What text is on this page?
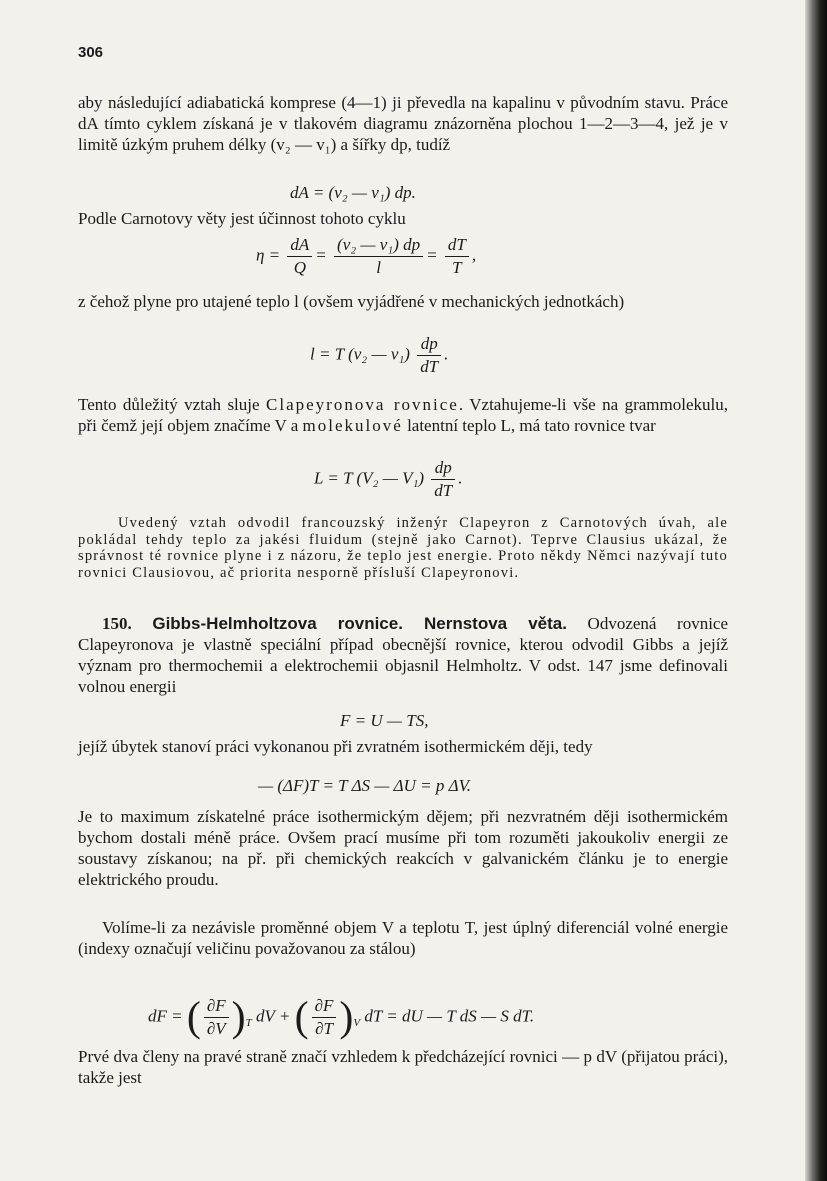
306

aby následující adiabatická komprese (4—1) ji převedla na kapalinu v původním stavu. Práce dA tímto cyklem získaná je v tlakovém diagramu znázorněna plochou 1—2—3—4, jež je v limitě úzkým pruhem délky (v₂ — v₁) a šířky dp, tudíž

dA = (v₂ — v₁) dp.

Podle Carnotovy věty jest účinnost tohoto cyklu

$\eta = \frac{dA}{Q} = \frac{\text{(v₂ — v₁) dp}}{l} = \frac{dT}{T}$ ,

z čehož plyne pro utajené teplo l (ovšem vyjádřené v mechanických jednotkách)

l = T (v₂ — $v_1) \frac{dp}{dT}$ .

Tento důležitý vztah sluje Clapeyronova rovnice. Vztahujeme-li vše na grammolekulu, při čemž její objem značíme V a molekulové latentní teplo L, má tato rovnice tvar

L = T (V₂ — $V_1) \frac{dp}{dT}$ .

Uvedený vztah odvodil francouzský inženýr Clapeyron z Carnotových úvah, ale pokládal tehdy teplo za jakési fluidum (stejně jako Carnot). Teprve Clausius ukázal, že správnost té rovnice plyne i z názoru, že teplo jest energie. Proto někdy Němci nazývají tuto rovnici Clausiovou, ač priorita nesporně přísluší Clapeyronovi.

150. Gibbs-Helmholtzova rovnice. Nernstova věta. Odvozená rovnice Clapeyronova je vlastně speciální případ obecnější rovnice, kterou odvodil Gibbs a jejíž význam pro thermochemii a elektrochemii objasnil Helmholtz. V odst. 147 jsme definovali volnou energii

F = U — TS,

jejíž úbytek stanoví práci vykonanou při zvratném isothermickém ději, tedy

— (ΔF)T = T ΔS — ΔU = p ΔV.

Je to maximum získatelné práce isothermickým dějem; při nezvratném ději isothermickém bychom dostali méně práce. Ovšem prací musíme při tom rozuměti jakoukoliv energii ze soustavy získanou; na př. při chemických reakcích v galvanickém článku je to energie elektrického proudu.

Volíme-li za nezávisle proměnné objem V a teplotu T, jest úplný diferenciál volné energie (indexy označují veličinu považovanou za stálou)

dF = ( $\frac{\partial F}{\partial V} )_T$ dV + ( $\frac{\partial F}{\partial T} )_V$ dT = dU — T dS — S dT.

Prvé dva členy na pravé straně značí vzhledem k předcházející rovnici — p dV (přijatou práci), takže jest
